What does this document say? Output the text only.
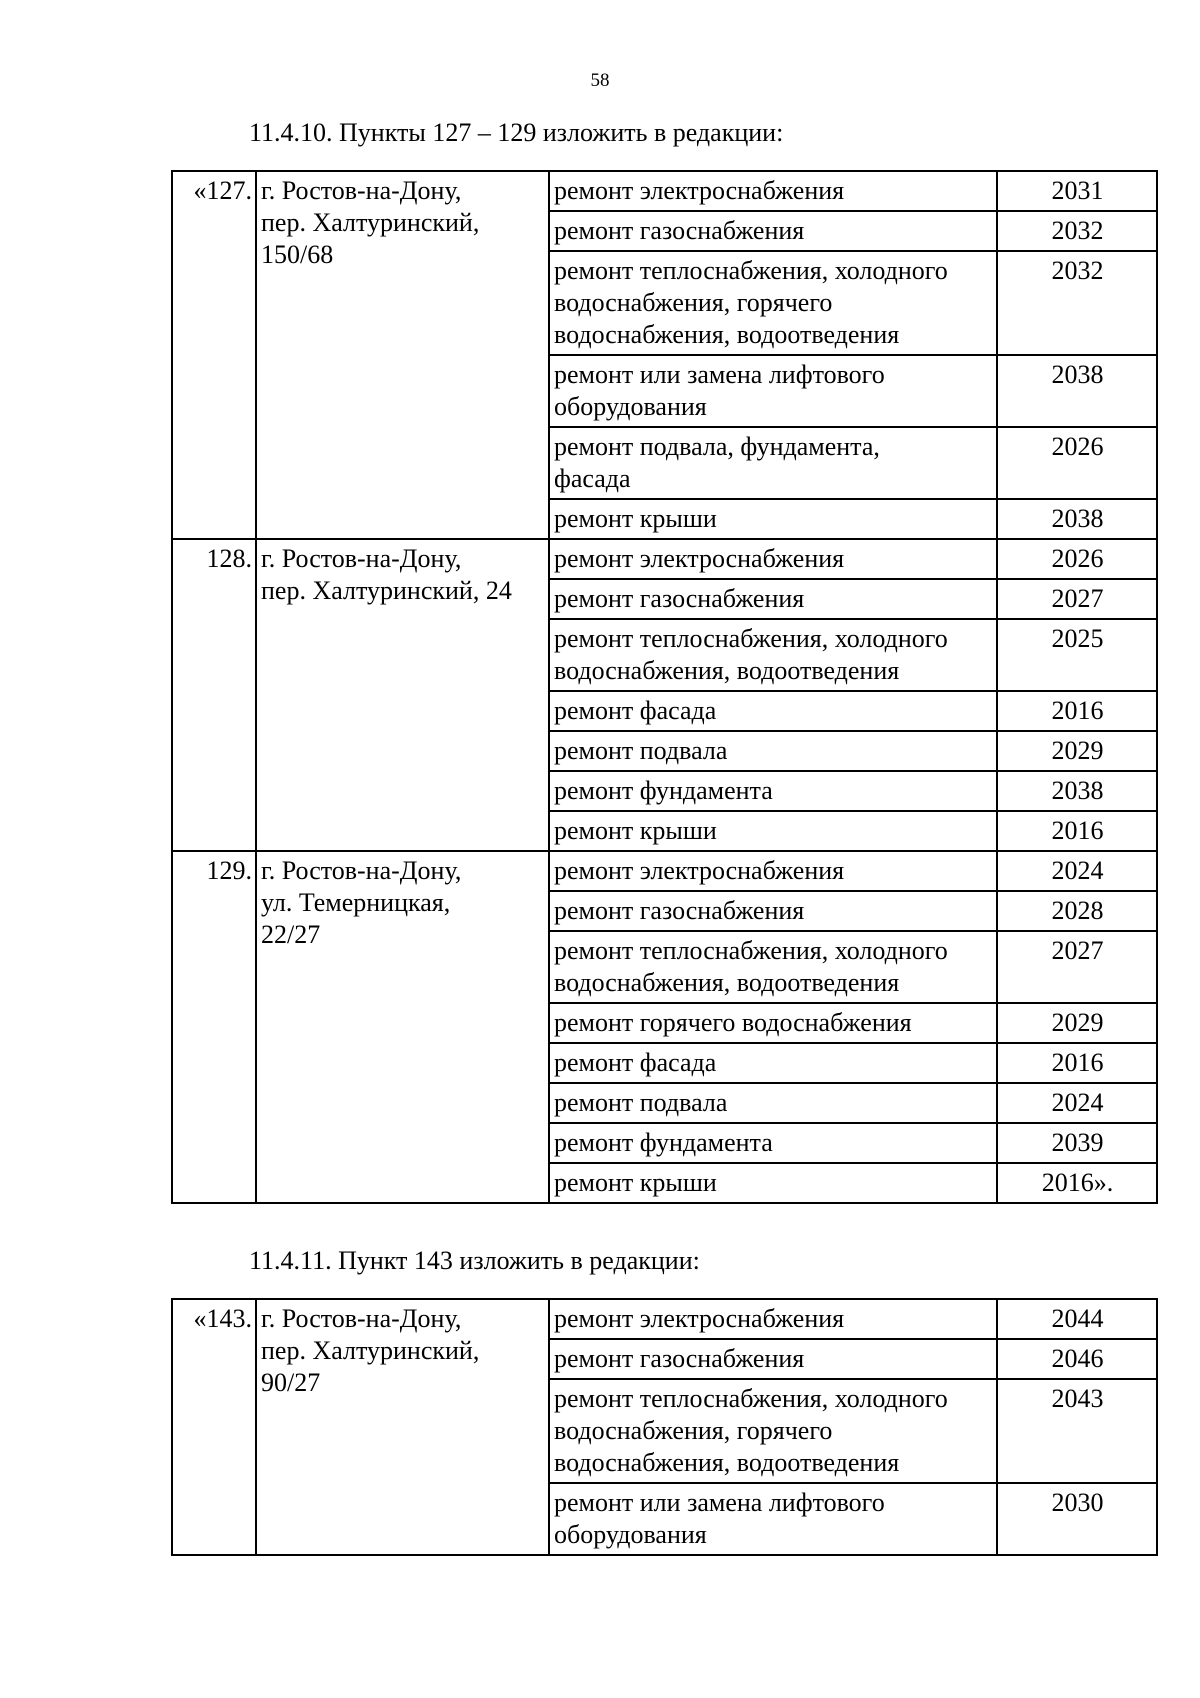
58
11.4.10. Пункты 127 – 129 изложить в редакции:
«127.	г. Ростов-на-Дону,
пер. Халтуринский,
150/68	ремонт электроснабжения	2031
		ремонт газоснабжения	2032
		ремонт теплоснабжения, холодного
водоснабжения, горячего
водоснабжения, водоотведения	2032
		ремонт или замена лифтового
оборудования	2038
		ремонт подвала, фундамента,
фасада	2026
		ремонт крыши	2038
128.	г. Ростов-на-Дону,
пер. Халтуринский, 24	ремонт электроснабжения	2026
		ремонт газоснабжения	2027
		ремонт теплоснабжения, холодного
водоснабжения, водоотведения	2025
		ремонт фасада	2016
		ремонт подвала	2029
		ремонт фундамента	2038
		ремонт крыши	2016
129.	г. Ростов-на-Дону,
ул. Темерницкая,
22/27	ремонт электроснабжения	2024
		ремонт газоснабжения	2028
		ремонт теплоснабжения, холодного
водоснабжения, водоотведения	2027
		ремонт горячего водоснабжения	2029
		ремонт фасада	2016
		ремонт подвала	2024
		ремонт фундамента	2039
		ремонт крыши	2016».
11.4.11. Пункт 143 изложить в редакции:
«143.	г. Ростов-на-Дону,
пер. Халтуринский,
90/27	ремонт электроснабжения	2044
		ремонт газоснабжения	2046
		ремонт теплоснабжения, холодного
водоснабжения, горячего
водоснабжения, водоотведения	2043
		ремонт или замена лифтового
оборудования	2030
